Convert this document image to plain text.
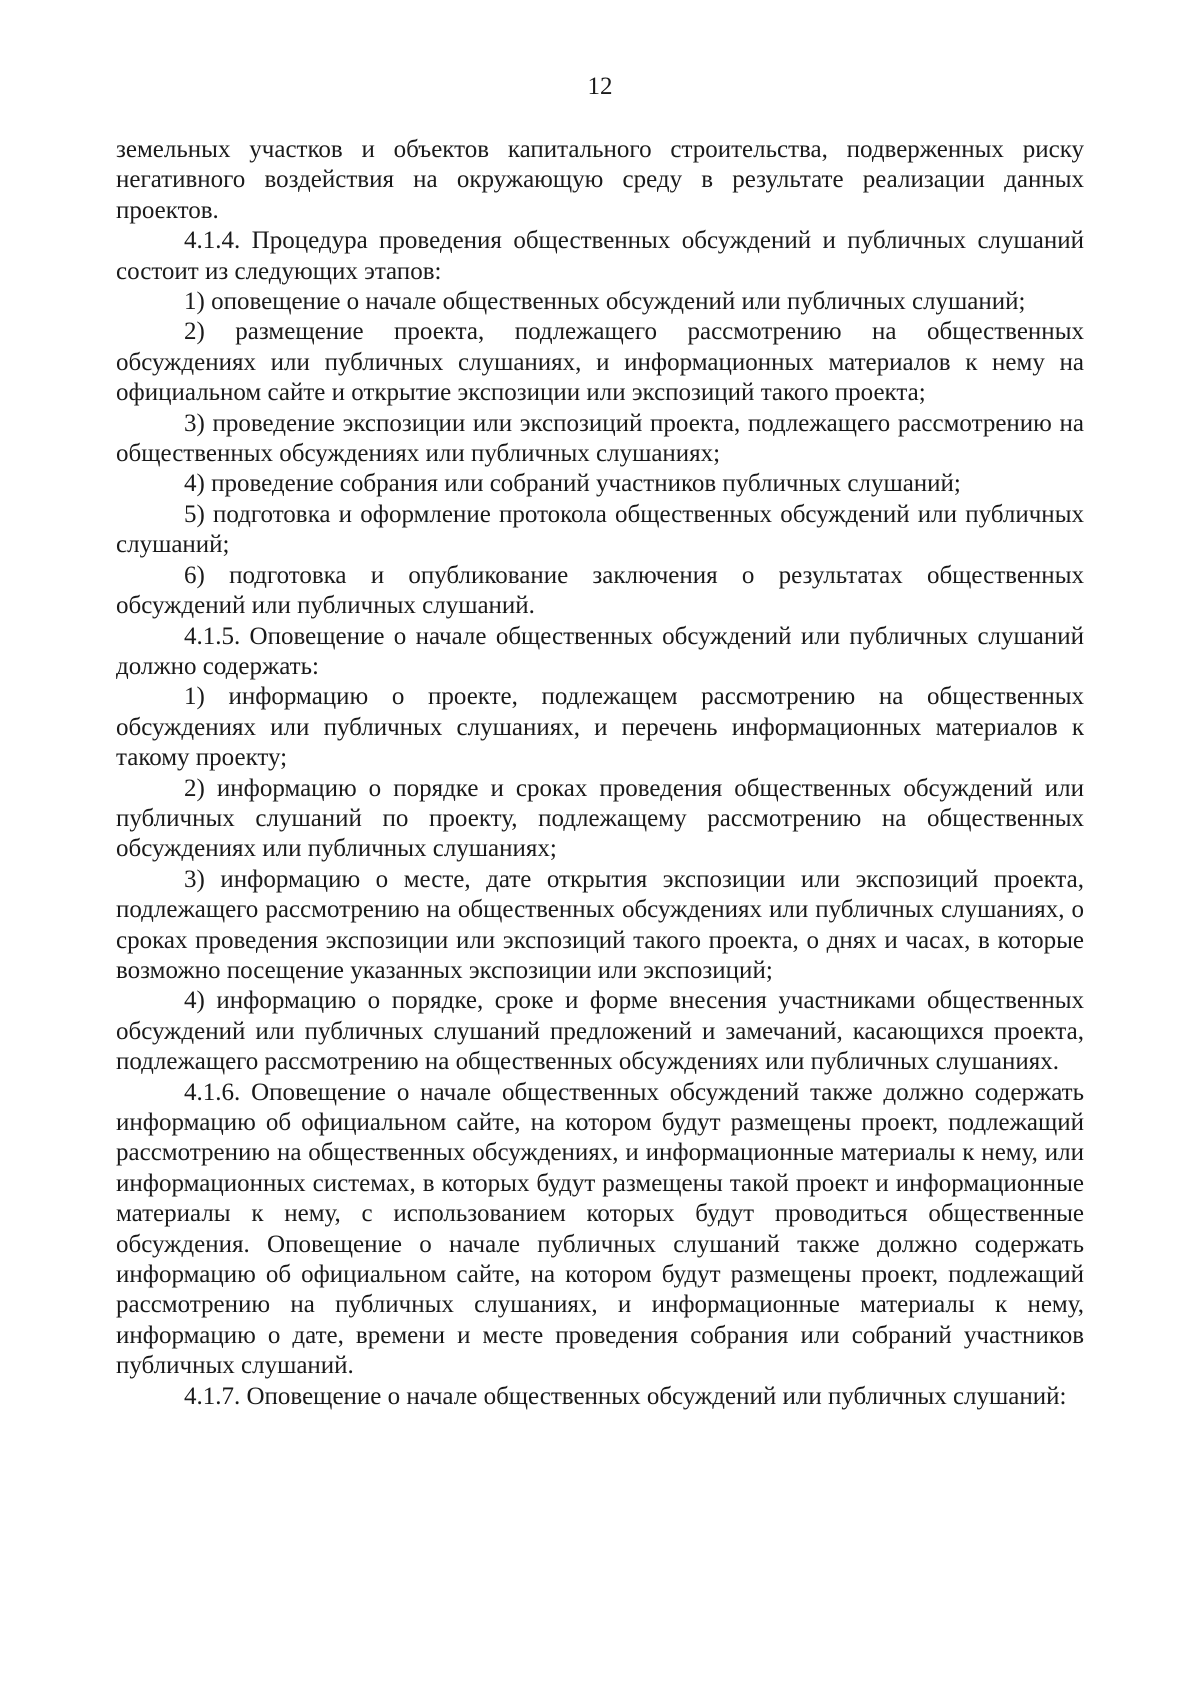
12

земельных участков и объектов капитального строительства, подверженных риску негативного воздействия на окружающую среду в результате реализации данных проектов.

4.1.4. Процедура проведения общественных обсуждений и публичных слушаний состоит из следующих этапов:

1) оповещение о начале общественных обсуждений или публичных слушаний;

2) размещение проекта, подлежащего рассмотрению на общественных обсуждениях или публичных слушаниях, и информационных материалов к нему на официальном сайте и открытие экспозиции или экспозиций такого проекта;

3) проведение экспозиции или экспозиций проекта, подлежащего рассмотрению на общественных обсуждениях или публичных слушаниях;

4) проведение собрания или собраний участников публичных слушаний;

5) подготовка и оформление протокола общественных обсуждений или публичных слушаний;

6) подготовка и опубликование заключения о результатах общественных обсуждений или публичных слушаний.

4.1.5. Оповещение о начале общественных обсуждений или публичных слушаний должно содержать:

1) информацию о проекте, подлежащем рассмотрению на общественных обсуждениях или публичных слушаниях, и перечень информационных материалов к такому проекту;

2) информацию о порядке и сроках проведения общественных обсуждений или публичных слушаний по проекту, подлежащему рассмотрению на общественных обсуждениях или публичных слушаниях;

3) информацию о месте, дате открытия экспозиции или экспозиций проекта, подлежащего рассмотрению на общественных обсуждениях или публичных слушаниях, о сроках проведения экспозиции или экспозиций такого проекта, о днях и часах, в которые возможно посещение указанных экспозиции или экспозиций;

4) информацию о порядке, сроке и форме внесения участниками общественных обсуждений или публичных слушаний предложений и замечаний, касающихся проекта, подлежащего рассмотрению на общественных обсуждениях или публичных слушаниях.

4.1.6. Оповещение о начале общественных обсуждений также должно содержать информацию об официальном сайте, на котором будут размещены проект, подлежащий рассмотрению на общественных обсуждениях, и информационные материалы к нему, или информационных системах, в которых будут размещены такой проект и информационные материалы к нему, с использованием которых будут проводиться общественные обсуждения. Оповещение о начале публичных слушаний также должно содержать информацию об официальном сайте, на котором будут размещены проект, подлежащий рассмотрению на публичных слушаниях, и информационные материалы к нему, информацию о дате, времени и месте проведения собрания или собраний участников публичных слушаний.

4.1.7. Оповещение о начале общественных обсуждений или публичных слушаний:
